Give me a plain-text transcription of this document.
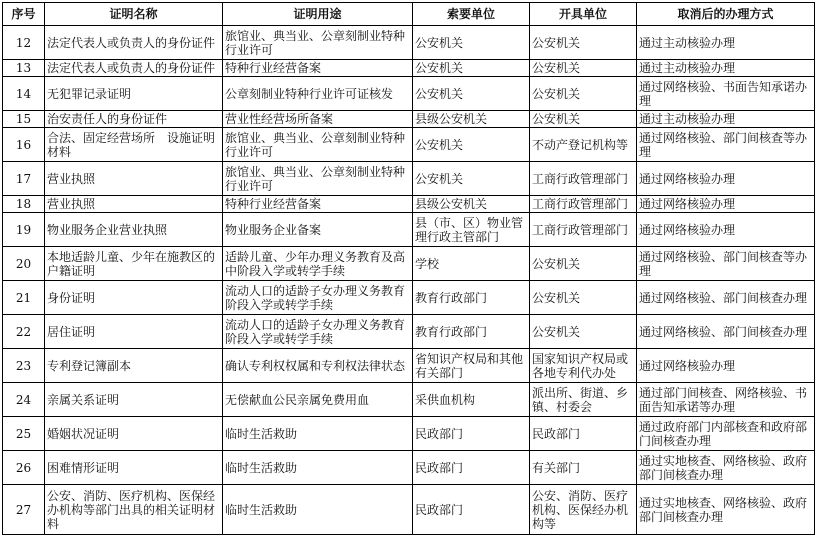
序号	证明名称	证明用途	索要单位	开具单位	取消后的办理方式
12	法定代表人或负责人的身份证件	旅馆业、典当业、公章刻制业特种行业许可	公安机关	公安机关	通过主动核验办理
13	法定代表人或负责人的身份证件	特种行业经营备案	公安机关	公安机关	通过主动核验办理
14	无犯罪记录证明	公章刻制业特种行业许可证核发	公安机关	公安机关	通过网络核验、书面告知承诺办理
15	治安责任人的身份证件	营业性经营场所备案	县级公安机关	公安机关	通过主动核验办理
16	合法、固定经营场所　设施证明材料	旅馆业、典当业、公章刻制业特种行业许可	公安机关	不动产登记机构等	通过网络核验、部门间核查等办理
17	营业执照	旅馆业、典当业、公章刻制业特种行业许可	公安机关	工商行政管理部门	通过网络核验办理
18	营业执照	特种行业经营备案	县级公安机关	工商行政管理部门	通过网络核验办理
19	物业服务企业营业执照	物业服务企业备案	县（市、区）物业管理行政主管部门	工商行政管理部门	通过网络核验办理
20	本地适龄儿童、少年在施教区的户籍证明	适龄儿童、少年办理义务教育及高中阶段入学或转学手续	学校	公安机关	通过网络核验、部门间核查等办理
21	身份证明	流动人口的适龄子女办理义务教育阶段入学或转学手续	教育行政部门	公安机关	通过网络核验、部门间核查办理
22	居住证明	流动人口的适龄子女办理义务教育阶段入学或转学手续	教育行政部门	公安机关	通过网络核验、部门间核查办理
23	专利登记簿副本	确认专利权权属和专利权法律状态	省知识产权局和其他有关部门	国家知识产权局或各地专利代办处	通过网络核验办理
24	亲属关系证明	无偿献血公民亲属免费用血	采供血机构	派出所、街道、乡镇、村委会	通过部门间核查、网络核验、书面告知承诺等办理
25	婚姻状况证明	临时生活救助	民政部门	民政部门	通过政府部门内部核查和政府部门间核查办理
26	困难情形证明	临时生活救助	民政部门	有关部门	通过实地核查、网络核验、政府部门间核查办理
27	公安、消防、医疗机构、医保经办机构等部门出具的相关证明材料	临时生活救助	民政部门	公安、消防、医疗机构、医保经办机构等	通过实地核查、网络核验、政府部门间核查办理
